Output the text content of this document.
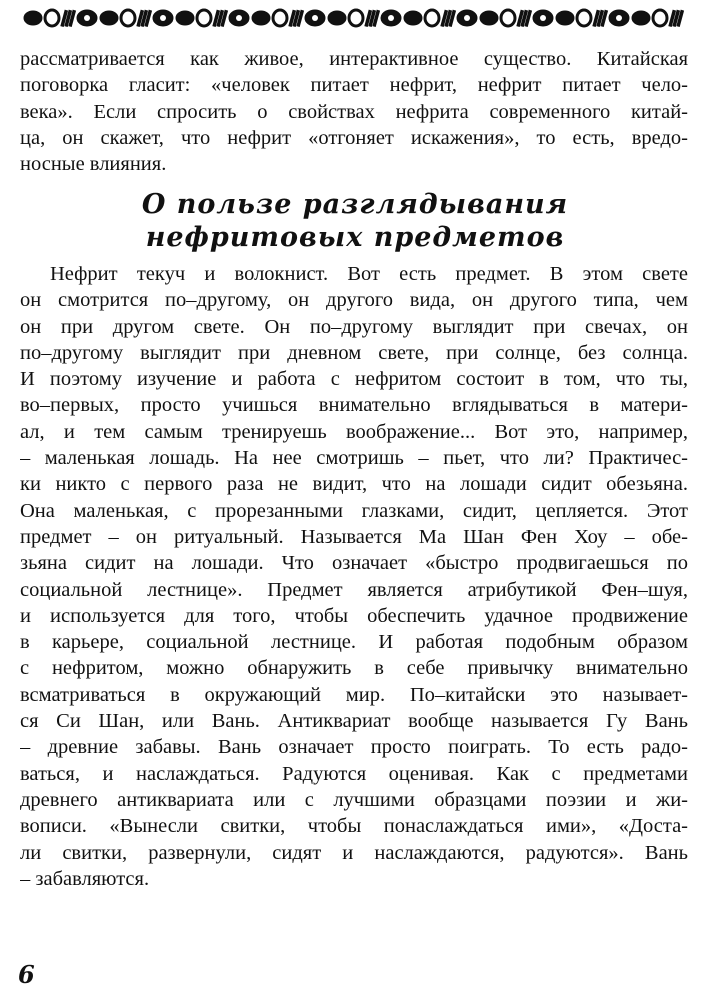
рассматривается как живое, интерактивное существо. Китайская
поговорка гласит: «человек питает нефрит, нефрит питает чело-
века». Если спросить о свойствах нефрита современного китай-
ца, он скажет, что нефрит «отгоняет искажения», то есть, вредо-
носные влияния.
О пользе разглядывания
нефритовых предметов
Нефрит текуч и волокнист. Вот есть предмет. В этом свете
он смотрится по–другому, он другого вида, он другого типа, чем
он при другом свете. Он по–другому выглядит при свечах, он
по–другому выглядит при дневном свете, при солнце, без солнца.
И поэтому изучение и работа с нефритом состоит в том, что ты,
во–первых, просто учишься внимательно вглядываться в матери-
ал, и тем самым тренируешь воображение... Вот это, например,
– маленькая лошадь. На нее смотришь – пьет, что ли? Практичес-
ки никто с первого раза не видит, что на лошади сидит обезьяна.
Она маленькая, с прорезанными глазками, сидит, цепляется. Этот
предмет – он ритуальный. Называется Ма Шан Фен Хоу – обе-
зьяна сидит на лошади. Что означает «быстро продвигаешься по
социальной лестнице». Предмет является атрибутикой Фен–шуя,
и используется для того, чтобы обеспечить удачное продвижение
в карьере, социальной лестнице. И работая подобным образом
с нефритом, можно обнаружить в себе привычку внимательно
всматриваться в окружающий мир. По–китайски это называет-
ся Си Шан, или Вань. Антиквариат вообще называется Гу Вань
– древние забавы. Вань означает просто поиграть. То есть радо-
ваться, и наслаждаться. Радуются оценивая. Как с предметами
древнего антиквариата или с лучшими образцами поэзии и жи-
вописи. «Вынесли свитки, чтобы понаслаждаться ими», «Доста-
ли свитки, развернули, сидят и наслаждаются, радуются». Вань
– забавляются.
6
